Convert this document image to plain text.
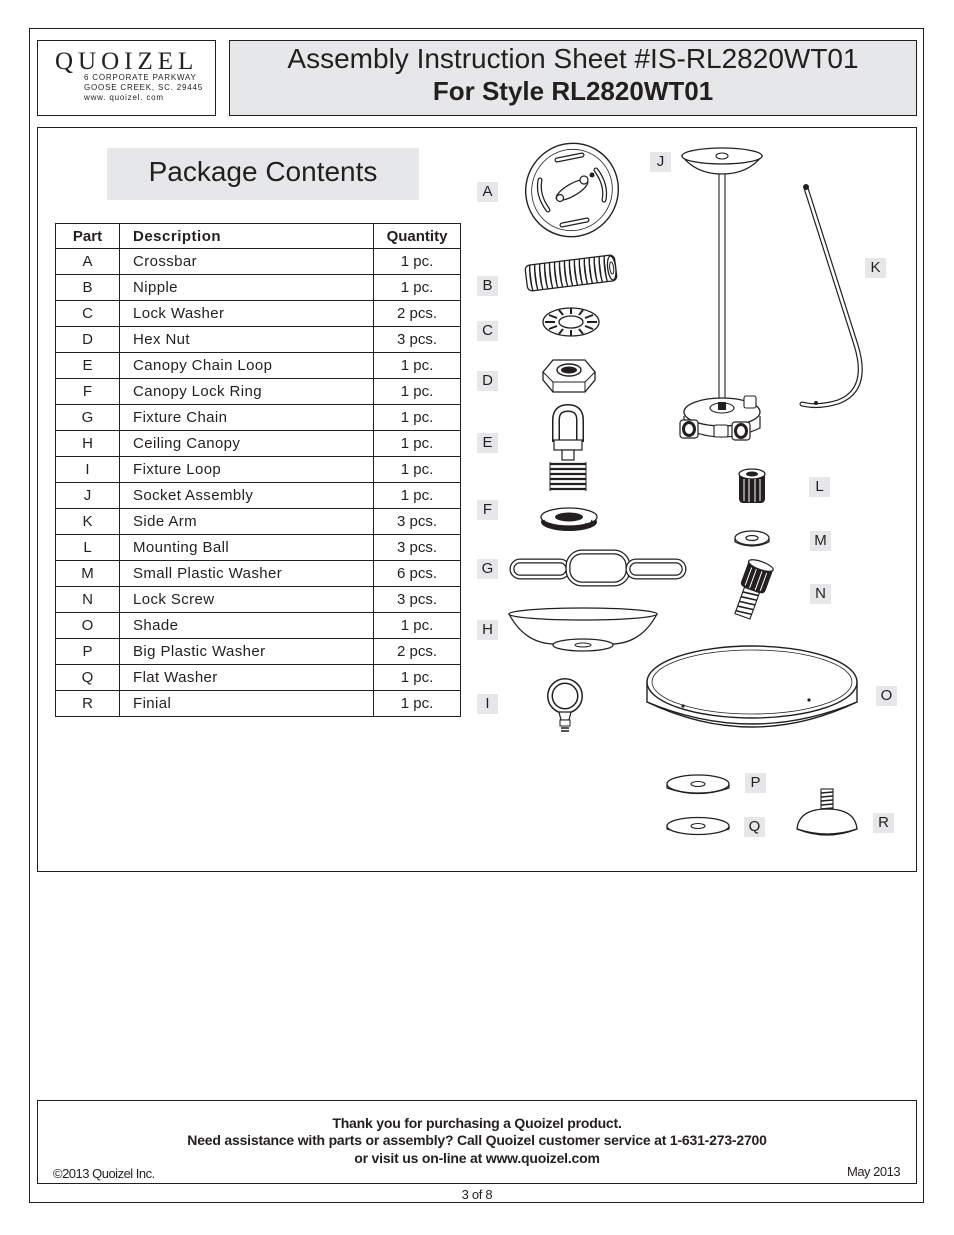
QUOIZEL
6 CORPORATE PARKWAY
GOOSE CREEK, SC. 29445
www. quoizel. com
Assembly Instruction Sheet #IS-RL2820WT01
For Style RL2820WT01
Package Contents
Part	Description	Quantity
A	Crossbar	1 pc.
B	Nipple	1 pc.
C	Lock Washer	2 pcs.
D	Hex Nut	3 pcs.
E	Canopy Chain Loop	1 pc.
F	Canopy Lock Ring	1 pc.
G	Fixture Chain	1 pc.
H	Ceiling Canopy	1 pc.
I	Fixture Loop	1 pc.
J	Socket Assembly	1 pc.
K	Side Arm	3 pcs.
L	Mounting Ball	3 pcs.
M	Small Plastic Washer	6 pcs.
N	Lock Screw	3 pcs.
O	Shade	1 pc.
P	Big Plastic Washer	2 pcs.
Q	Flat Washer	1 pc.
R	Finial	1 pc.
A
B
C
D
E
F
G
H
I
J
K
L
M
N
O
P
Q	R
Thank you for purchasing a Quoizel product.
Need assistance with parts or assembly? Call Quoizel customer service at 1-631-273-2700
or visit us on-line at www.quoizel.com
©2013 Quoizel Inc.	May 2013
3 of 8
